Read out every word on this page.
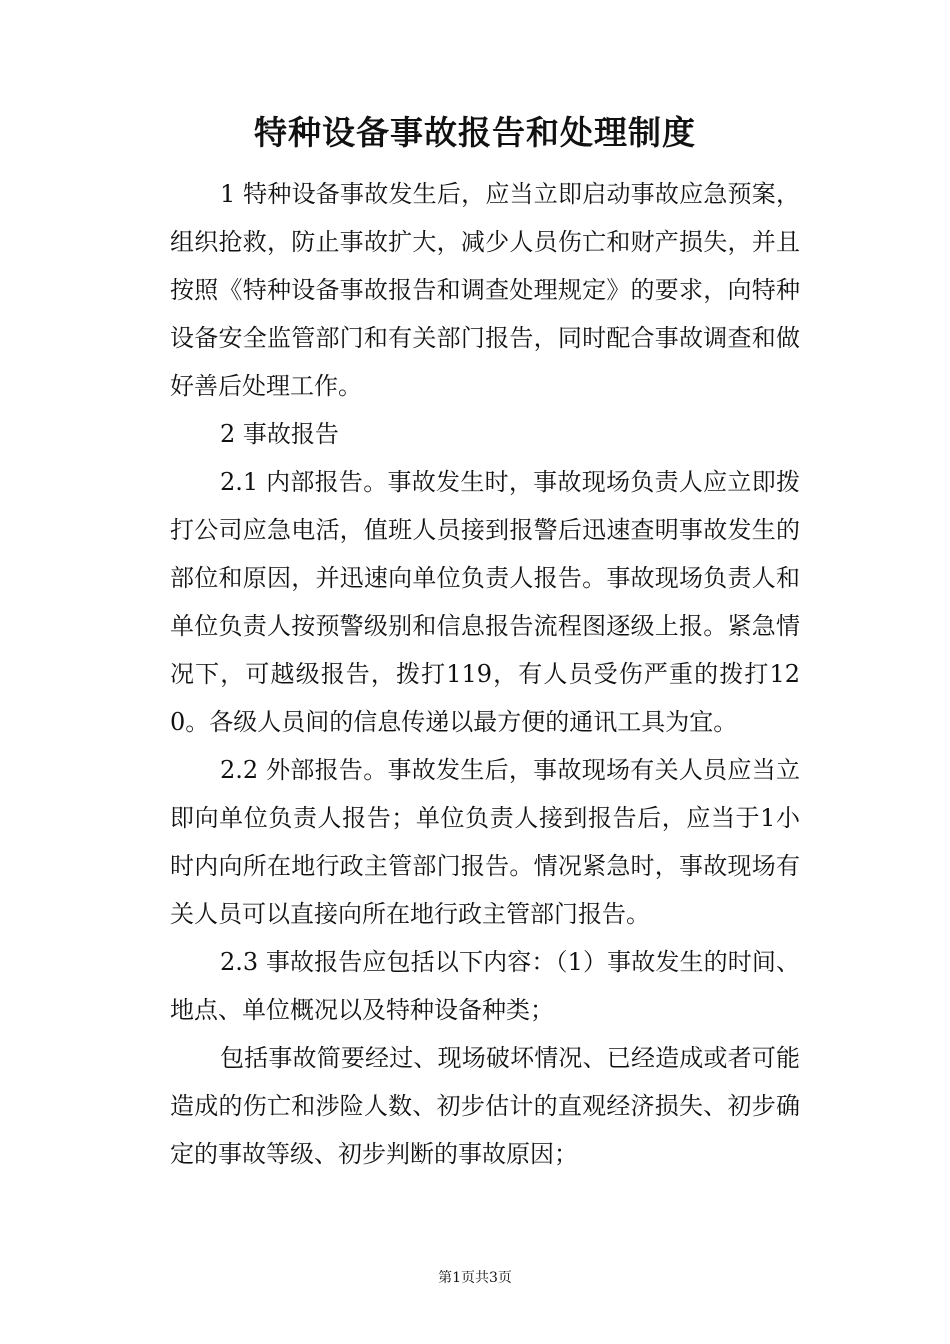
特种设备事故报告和处理制度

1 特种设备事故发生后，应当立即启动事故应急预案，组织抢救，防止事故扩大，减少人员伤亡和财产损失，并且按照《特种设备事故报告和调查处理规定》的要求，向特种设备安全监管部门和有关部门报告，同时配合事故调查和做好善后处理工作。

2 事故报告

2.1 内部报告。事故发生时，事故现场负责人应立即拨打公司应急电活，值班人员接到报警后迅速查明事故发生的部位和原因，并迅速向单位负责人报告。事故现场负责人和单位负责人按预警级别和信息报告流程图逐级上报。紧急情况下，可越级报告，拨打119，有人员受伤严重的拨打120。各级人员间的信息传递以最方便的通讯工具为宜。

2.2 外部报告。事故发生后，事故现场有关人员应当立即向单位负责人报告；单位负责人接到报告后，应当于1小时内向所在地行政主管部门报告。情况紧急时，事故现场有关人员可以直接向所在地行政主管部门报告。

2.3 事故报告应包括以下内容：（1）事故发生的时间、地点、单位概况以及特种设备种类；

包括事故简要经过、现场破坏情况、已经造成或者可能造成的伤亡和涉险人数、初步估计的直观经济损失、初步确定的事故等级、初步判断的事故原因；

第1页共3页
